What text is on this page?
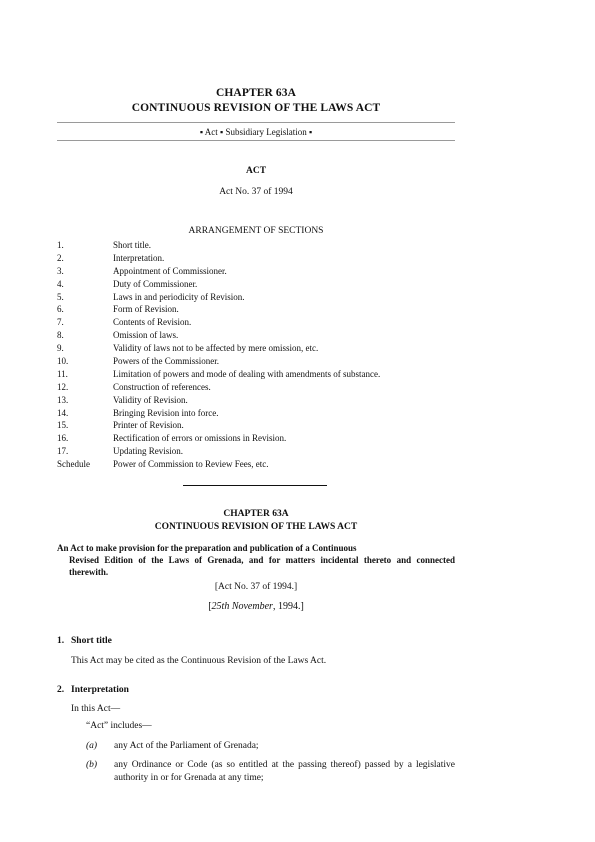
CHAPTER 63A
CONTINUOUS REVISION OF THE LAWS ACT
▪ Act ▪ Subsidiary Legislation ▪
ACT
Act No. 37 of 1994
ARRANGEMENT OF SECTIONS
1.	Short title.
2.	Interpretation.
3.	Appointment of Commissioner.
4.	Duty of Commissioner.
5.	Laws in and periodicity of Revision.
6.	Form of Revision.
7.	Contents of Revision.
8.	Omission of laws.
9.	Validity of laws not to be affected by mere omission, etc.
10.	Powers of the Commissioner.
11.	Limitation of powers and mode of dealing with amendments of substance.
12.	Construction of references.
13.	Validity of Revision.
14.	Bringing Revision into force.
15.	Printer of Revision.
16.	Rectification of errors or omissions in Revision.
17.	Updating Revision.
Schedule	Power of Commission to Review Fees, etc.
CHAPTER 63A
CONTINUOUS REVISION OF THE LAWS ACT
An Act to make provision for the preparation and publication of a Continuous
Revised Edition of the Laws of Grenada, and for matters incidental thereto and connected therewith.
[Act No. 37 of 1994.]
[25th November, 1994.]
1. Short title
This Act may be cited as the Continuous Revision of the Laws Act.
2. Interpretation
In this Act—
“Act” includes—
(a)	any Act of the Parliament of Grenada;
(b)	any Ordinance or Code (as so entitled at the passing thereof) passed by a legislative authority in or for Grenada at any time;
